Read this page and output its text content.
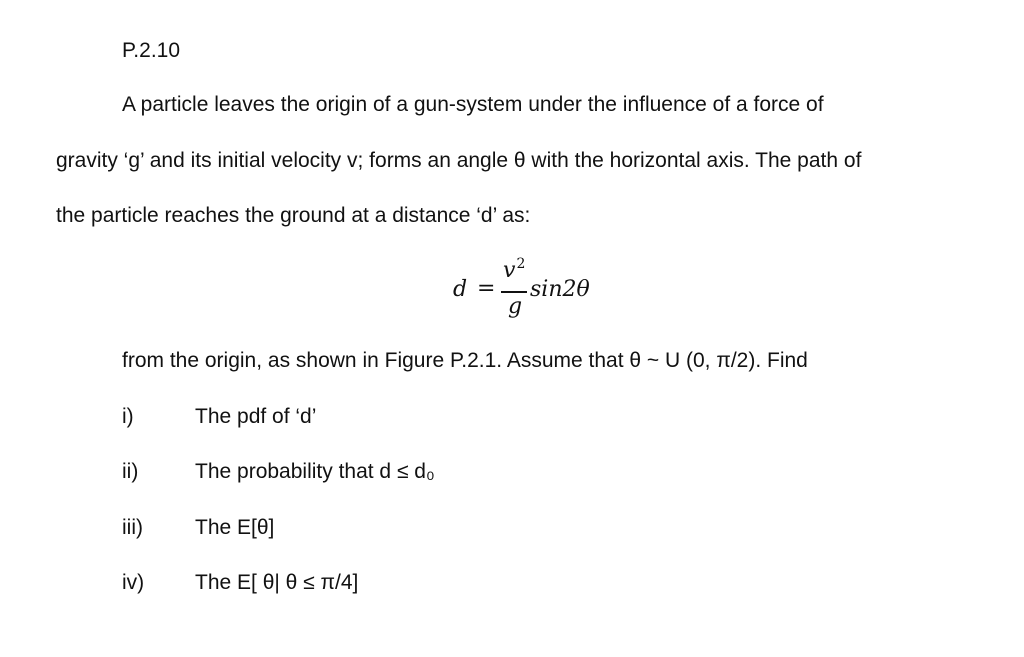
P.2.10
A particle leaves the origin of a gun-system under the influence of a force of
gravity ‘g’ and its initial velocity v; forms an angle θ with the horizontal axis. The path of
the particle reaches the ground at a distance ‘d’ as:
d =
$v^2$
g
sin2θ
from the origin, as shown in Figure P.2.1. Assume that θ ~ U (0, π/2). Find
i)	The pdf of ‘d’
ii)	The probability that d ≤ d₀
iii) The E[θ]
iv) The E[ θ| θ ≤ π/4]
